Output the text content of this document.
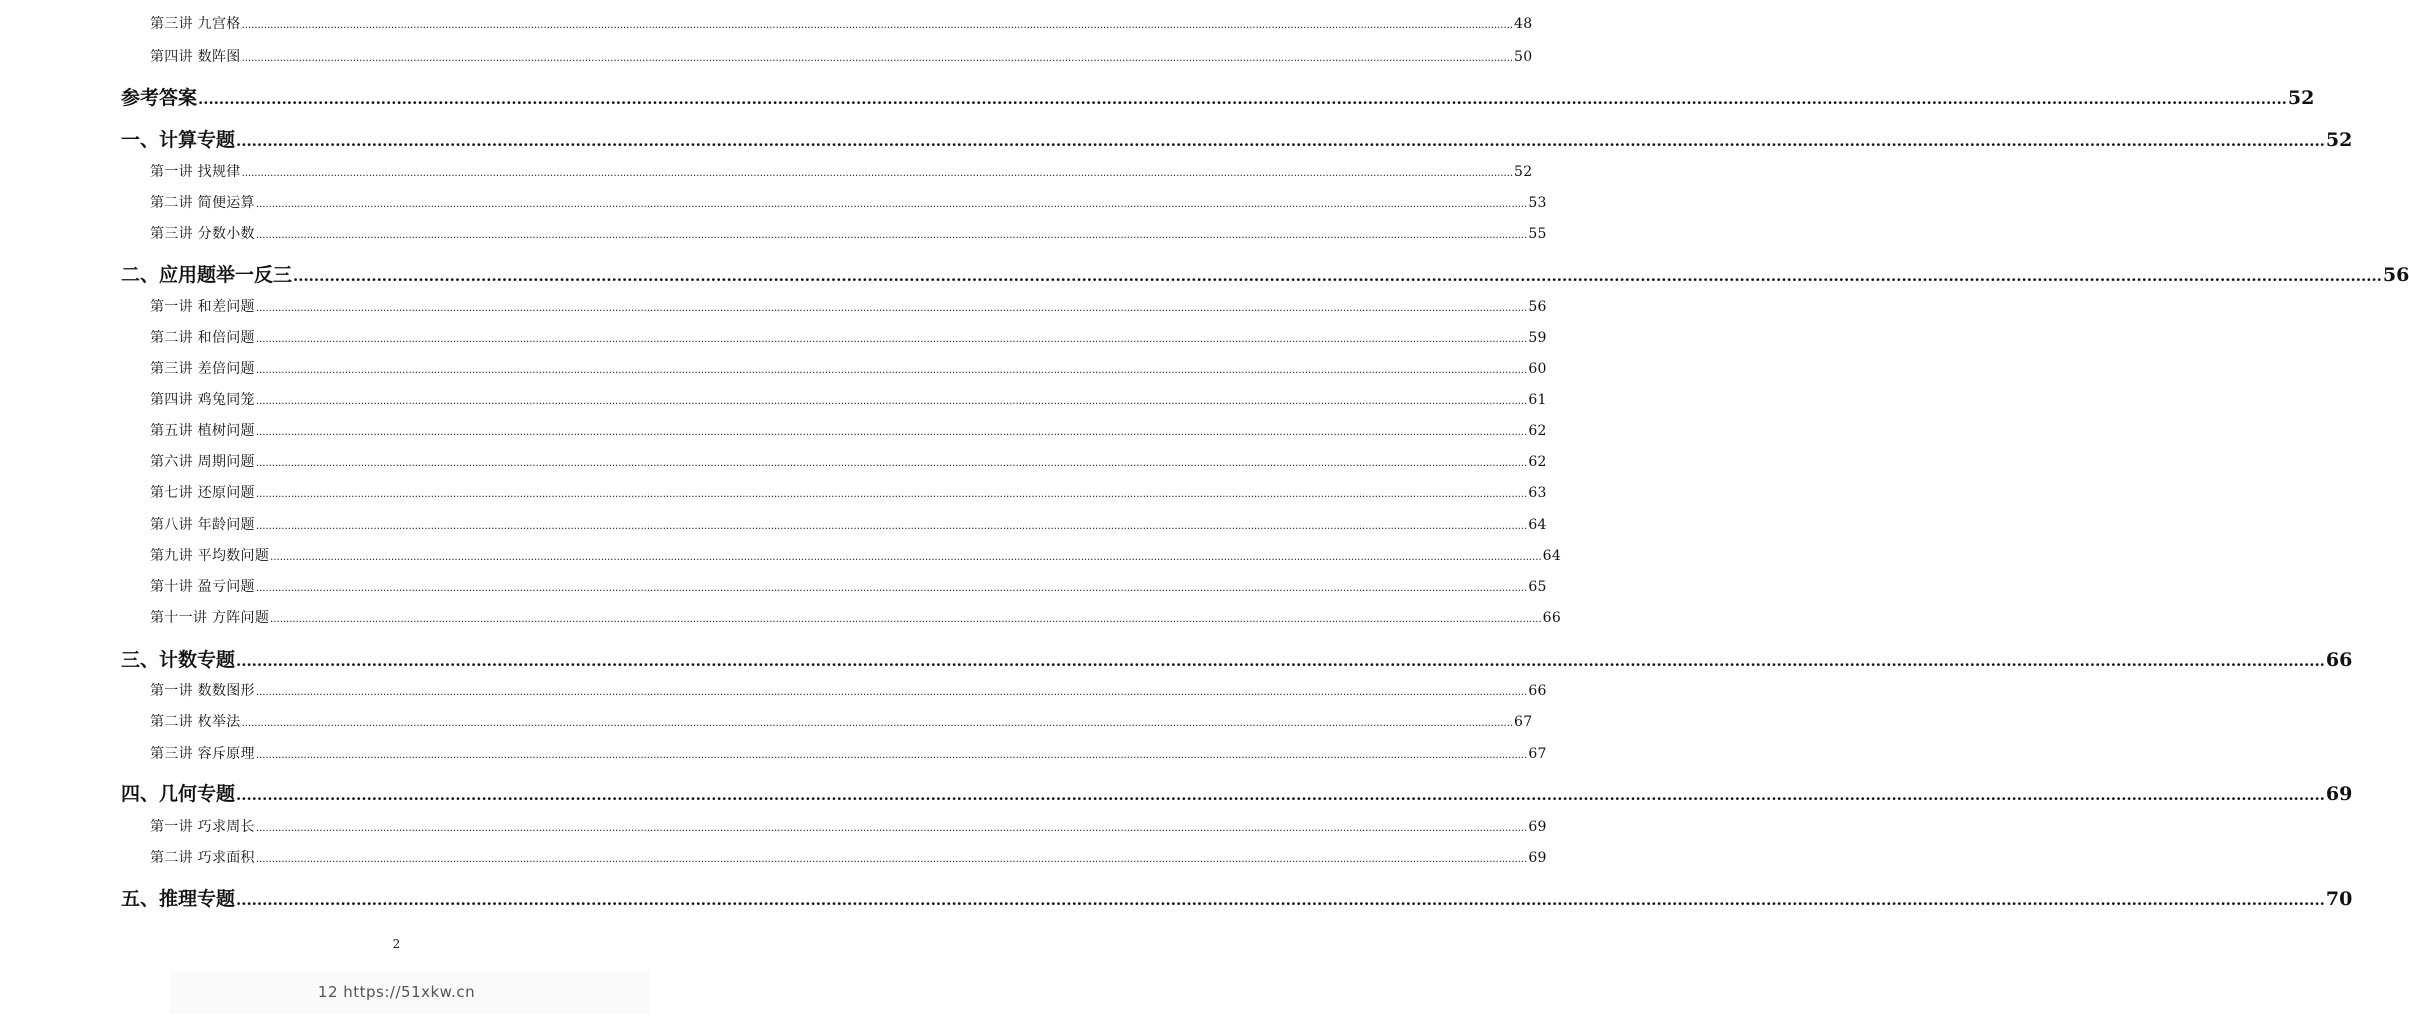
第三讲 九宫格 ................................................................................................................................................................................................................................................................................................................................................................................................................ 48
第四讲 数阵图 ................................................................................................................................................................................................................................................................................................................................................................................................................ 50
参考答案 ................................................................................................................................................................................................................................................................................................................................................................................................................ 52
一、计算专题 ................................................................................................................................................................................................................................................................................................................................................................................................................ 52
第一讲 找规律 ................................................................................................................................................................................................................................................................................................................................................................................................................ 52
第二讲 简便运算 ................................................................................................................................................................................................................................................................................................................................................................................................................ 53
第三讲 分数小数 ................................................................................................................................................................................................................................................................................................................................................................................................................ 55
二、应用题举一反三 ................................................................................................................................................................................................................................................................................................................................................................................................................ 56
第一讲 和差问题 ................................................................................................................................................................................................................................................................................................................................................................................................................ 56
第二讲 和倍问题 ................................................................................................................................................................................................................................................................................................................................................................................................................ 59
第三讲 差倍问题 ................................................................................................................................................................................................................................................................................................................................................................................................................ 60
第四讲 鸡兔同笼 ................................................................................................................................................................................................................................................................................................................................................................................................................ 61
第五讲 植树问题 ................................................................................................................................................................................................................................................................................................................................................................................................................ 62
第六讲 周期问题 ................................................................................................................................................................................................................................................................................................................................................................................................................ 62
第七讲 还原问题 ................................................................................................................................................................................................................................................................................................................................................................................................................ 63
第八讲 年龄问题 ................................................................................................................................................................................................................................................................................................................................................................................................................ 64
第九讲 平均数问题 ................................................................................................................................................................................................................................................................................................................................................................................................................ 64
第十讲 盈亏问题 ................................................................................................................................................................................................................................................................................................................................................................................................................ 65
第十一讲 方阵问题 ................................................................................................................................................................................................................................................................................................................................................................................................................ 66
三、计数专题 ................................................................................................................................................................................................................................................................................................................................................................................................................ 66
第一讲 数数图形 ................................................................................................................................................................................................................................................................................................................................................................................................................ 66
第二讲 枚举法 ................................................................................................................................................................................................................................................................................................................................................................................................................ 67
第三讲 容斥原理 ................................................................................................................................................................................................................................................................................................................................................................................................................ 67
四、几何专题 ................................................................................................................................................................................................................................................................................................................................................................................................................ 69
第一讲 巧求周长 ................................................................................................................................................................................................................................................................................................................................................................................................................ 69
第二讲 巧求面积 ................................................................................................................................................................................................................................................................................................................................................................................................................ 69
五、推理专题 ................................................................................................................................................................................................................................................................................................................................................................................................................ 70
2
12 https://51xkw.cn
